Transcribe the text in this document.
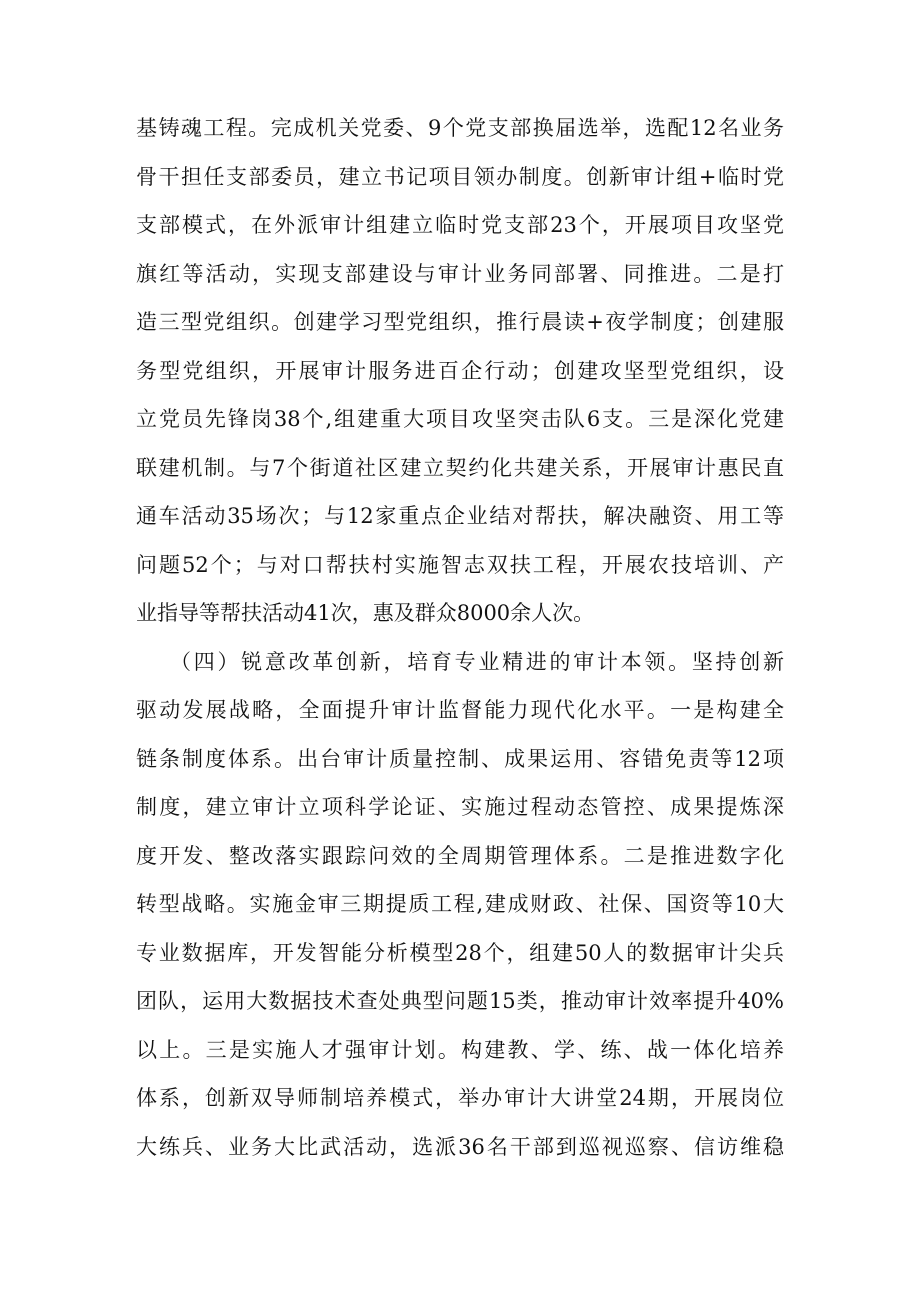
基铸魂工程。完成机关党委、9个党支部换届选举，选配12名业务
骨干担任支部委员，建立书记项目领办制度。创新审计组+临时党
支部模式，在外派审计组建立临时党支部23个，开展项目攻坚党
旗红等活动，实现支部建设与审计业务同部署、同推进。二是打
造三型党组织。创建学习型党组织，推行晨读+夜学制度；创建服
务型党组织，开展审计服务进百企行动；创建攻坚型党组织，设
立党员先锋岗38个,组建重大项目攻坚突击队6支。三是深化党建
联建机制。与7个街道社区建立契约化共建关系，开展审计惠民直
通车活动35场次；与12家重点企业结对帮扶，解决融资、用工等
问题52个；与对口帮扶村实施智志双扶工程，开展农技培训、产
业指导等帮扶活动41次，惠及群众8000余人次。
（四）锐意改革创新，培育专业精进的审计本领。坚持创新
驱动发展战略，全面提升审计监督能力现代化水平。一是构建全
链条制度体系。出台审计质量控制、成果运用、容错免责等12项
制度，建立审计立项科学论证、实施过程动态管控、成果提炼深
度开发、整改落实跟踪问效的全周期管理体系。二是推进数字化
转型战略。实施金审三期提质工程,建成财政、社保、国资等10大
专业数据库，开发智能分析模型28个，组建50人的数据审计尖兵
团队，运用大数据技术查处典型问题15类，推动审计效率提升40%
以上。三是实施人才强审计划。构建教、学、练、战一体化培养
体系，创新双导师制培养模式，举办审计大讲堂24期，开展岗位
大练兵、业务大比武活动，选派36名干部到巡视巡察、信访维稳
